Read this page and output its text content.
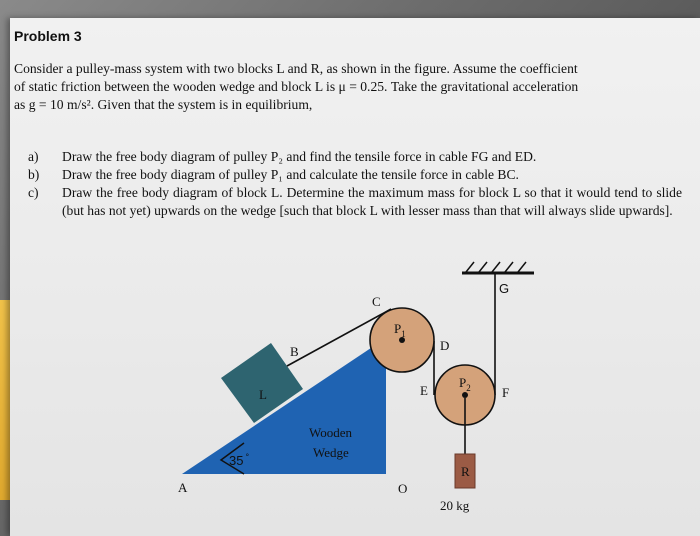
Problem 3

Consider a pulley-mass system with two blocks L and R, as shown in the figure. Assume the coefficient
of static friction between the wooden wedge and block L is μ = 0.25. Take the gravitational acceleration
as g = 10 m/s². Given that the system is in equilibrium,

a) Draw the free body diagram of pulley P₂ and find the tensile force in cable FG and ED.
b) Draw the free body diagram of pulley P₁ and calculate the tensile force in cable BC.
c) Draw the free body diagram of block L. Determine the maximum mass for block L so that it would tend to slide (but has not yet) upwards on the wedge [such that block L with lesser mass than that will always slide upwards].
C
B
L
D
E	F
G
A	O
$P_1$
$P_2$
R
35 °
Wooden
Wedge
20 kg
